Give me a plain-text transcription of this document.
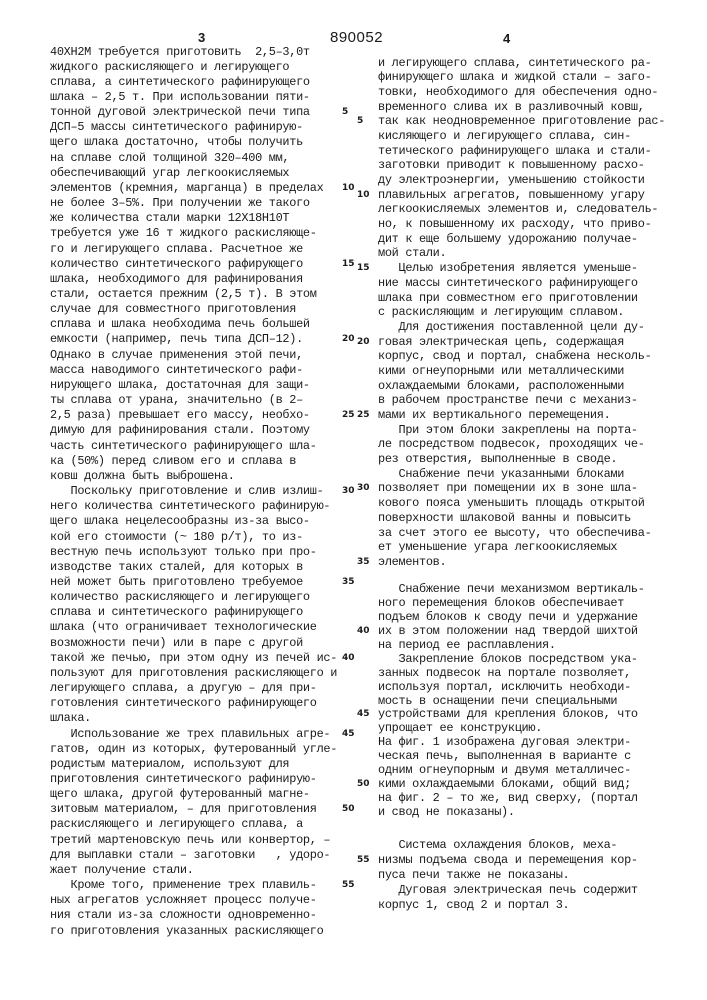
3	890052	4
40ХН2М требуется приготовить  2,5–3,0т
жидкого раскисляющего и легирующего
сплава, а синтетического рафинирующего
шлака – 2,5 т. При использовании пяти-
тонной дуговой электрической печи типа	5
ДСП–5 массы синтетического рафинирую-
щего шлака достаточно, чтобы получить
на сплаве слой толщиной 320–400 мм,
обеспечивающий угар легкоокисляемых
элементов (кремния, марганца) в пределах 10
не более 3–5%. При получении же такого
же количества стали марки 12Х18Н10Т
требуется уже 16 т жидкого раскисляюще-
го и легирующего сплава. Расчетное же
количество синтетического рафирующего	15
шлака, необходимого для рафинирования
стали, остается прежним (2,5 т). В этом
случае для совместного приготовления
сплава и шлака необходима печь большей
емкости (например, печь типа ДСП–12).	20
Однако в случае применения этой печи,
масса наводимого синтетического рафи-
нирующего шлака, достаточная для защи-
ты сплава от урана, значительно (в 2–
2,5 раза) превышает его массу, необхо-	25
димую для рафинирования стали. Поэтому
часть синтетического рафинирующего шла-
ка (50%) перед сливом его и сплава в
ковш должна быть выброшена.
Поскольку приготовление и слив излиш- 30
него количества синтетического рафинирую-
щего шлака нецелесообразны из-за высо-
кой его стоимости (~ 180 р/т), то из-
вестную печь используют только при про-
изводстве таких сталей, для которых в
ней может быть приготовлено требуемое	35
количество раскисляющего и легирующего
сплава и синтетического рафинирующего
шлака (что ограничивает технологические
возможности печи) или в паре с другой
такой же печью, при этом одну из печей ис- 40
пользуют для приготовления раскисляющего и
легирующего сплава, а другую – для при-
готовления синтетического рафинирующего
шлака.
Использование же трех плавильных агре- 45
гатов, один из которых, футерованный угле-
родистым материалом, используют для
приготовления синтетического рафинирую-
щего шлака, другой футерованный магне-
зитовым материалом, – для приготовления	50
раскисляющего и легирующего сплава, а
третий мартеновскую печь или конвертор, –
для выплавки стали – заготовки   , удоро-
жает получение стали.
Кроме того, применение трех плавиль-	55
ных агрегатов усложняет процесс получе-
ния стали из-за сложности одновременно-
го приготовления указанных раскисляющего
и легирующего сплава, синтетического ра-
финирующего шлака и жидкой стали – заго-
товки, необходимого для обеспечения одно-
временного слива их в разливочный ковш,
так как неодновременное приготовление рас-
5
кисляющего и легирующего сплава, син-
тетического рафинирующего шлака и стали-
заготовки приводит к повышенному расхо-
ду электроэнергии, уменьшению стойкости
плавильных агрегатов, повышенному угару
10
легкоокисляемых элементов и, следователь-
но, к повышенному их расходу, что приво-
дит к еще большему удорожанию получае-
мой стали.
Целью изобретения является уменьше-
15
ние массы синтетического рафинирующего
шлака при совместном его приготовлении
с раскисляющим и легирующим сплавом.
Для достижения поставленной цели ду-
говая электрическая цепь, содержащая
20
корпус, свод и портал, снабжена несколь-
кими огнеупорными или металлическими
охлаждаемыми блоками, расположенными
в рабочем пространстве печи с механиз-
мами их вертикального перемещения.
25
При этом блоки закреплены на порта-
ле посредством подвесок, проходящих че-
рез отверстия, выполненные в своде.
Снабжение печи указанными блоками
позволяет при помещении их в зоне шла-
30
кового пояса уменьшить площадь открытой
поверхности шлаковой ванны и повысить
за счет этого ее высоту, что обеспечива-
ет уменьшение угара легкоокисляемых
элементов.
35
Снабжение печи механизмом вертикаль-
ного перемещения блоков обеспечивает
подъем блоков к своду печи и удержание
их в этом положении над твердой шихтой
40
на период ее расплавления.
Закрепление блоков посредством ука-
занных подвесок на портале позволяет,
используя портал, исключить необходи-
мость в оснащении печи специальными
устройствами для крепления блоков, что
45
упрощает ее конструкцию.
На фиг. 1 изображена дуговая электри-
ческая печь, выполненная в варианте с
одним огнеупорным и двумя металличес-
кими охлаждаемыми блоками, общий вид;
50
на фиг. 2 – то же, вид сверху, (портал
и свод не показаны).
Система охлаждения блоков, меха-
низмы подъема свода и перемещения кор-
55
пуса печи также не показаны.
Дуговая электрическая печь содержит
корпус 1, свод 2 и портал 3.
